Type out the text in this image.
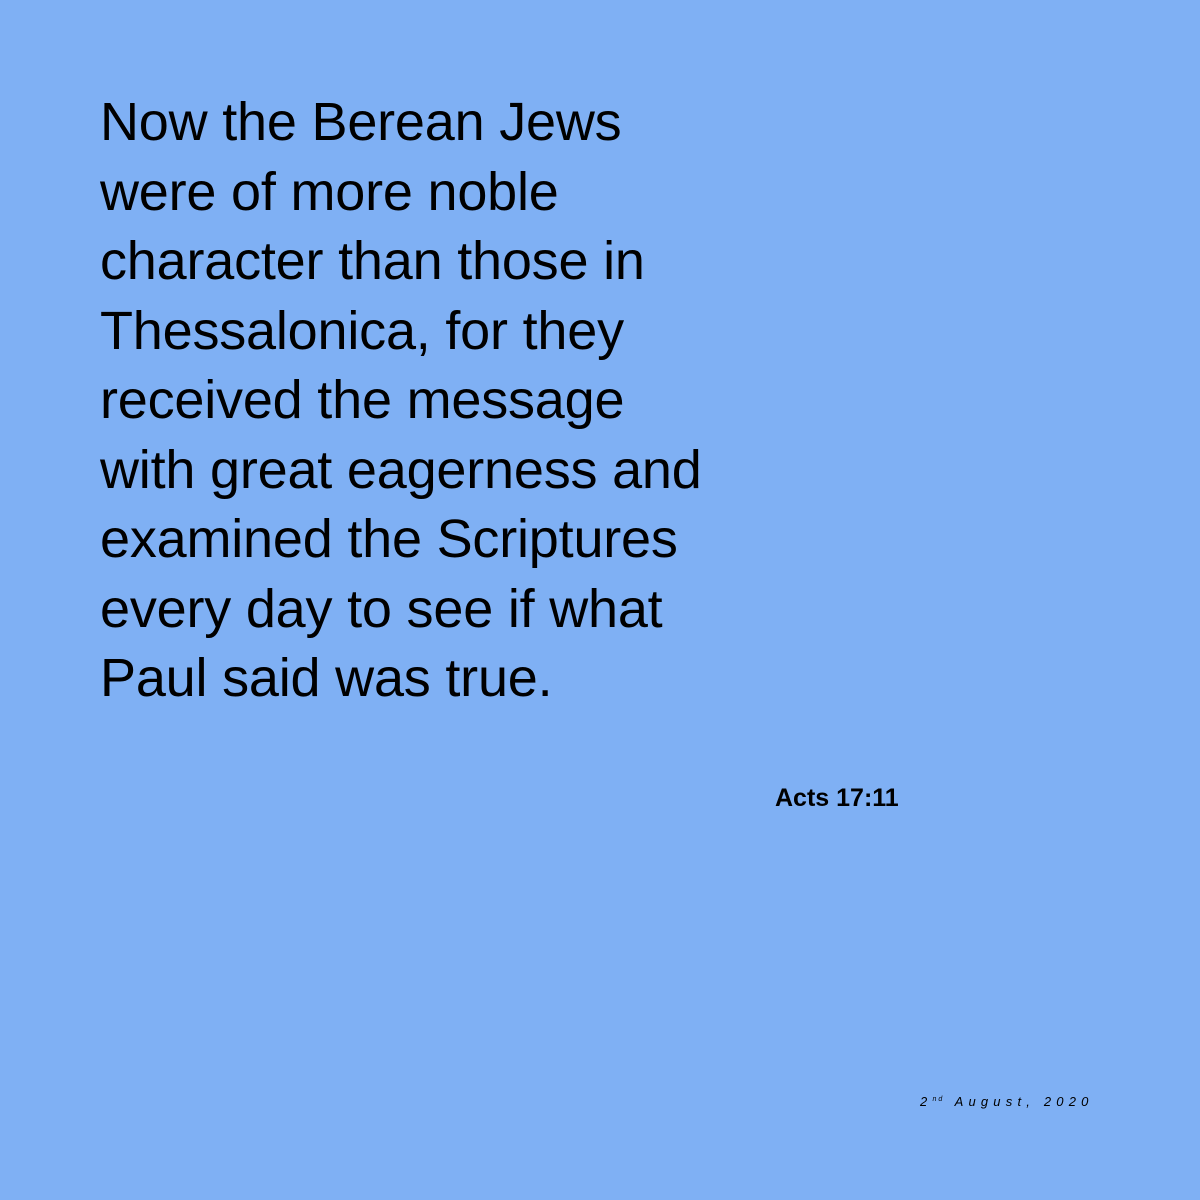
Now the Berean Jews
were of more noble
character than those in
Thessalonica, for they
received the message
with great eagerness and
examined the Scriptures
every day to see if what
Paul said was true.
Acts 17:11
2nd August, 2020
